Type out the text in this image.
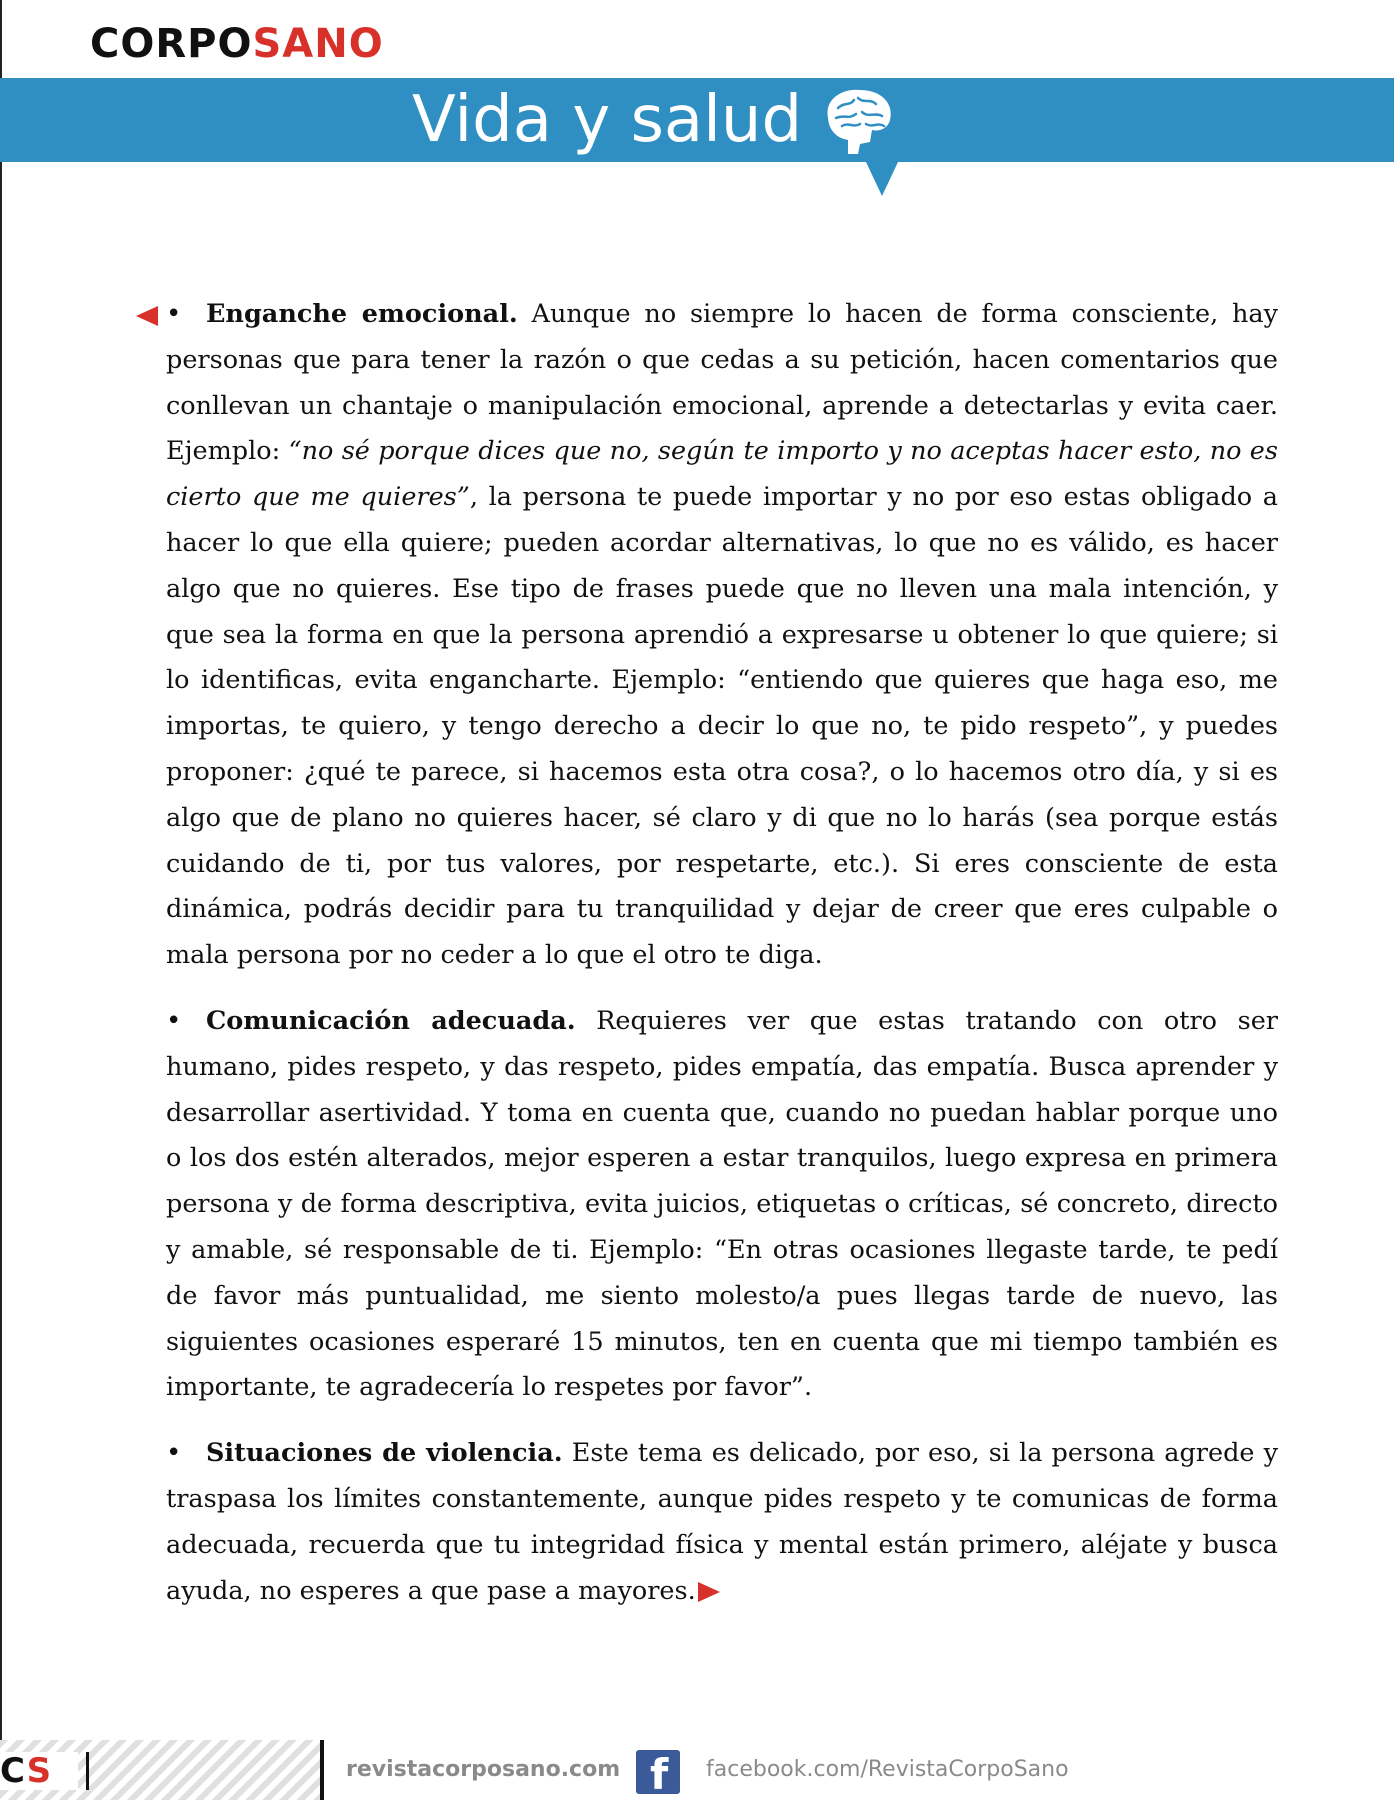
CORPOSANO
Vida y salud
• Enganche emocional. Aunque no siempre lo hacen de forma consciente, hay personas que para tener la razón o que cedas a su petición, hacen comentarios que conllevan un chantaje o manipulación emocional, aprende a detectarlas y evita caer. Ejemplo: “no sé porque dices que no, según te importo y no aceptas hacer esto, no es cierto que me quieres”, la persona te puede importar y no por eso estas obligado a hacer lo que ella quiere; pueden acordar alternativas, lo que no es válido, es hacer algo que no quieres. Ese tipo de frases puede que no lleven una mala intención, y que sea la forma en que la persona aprendió a expresarse u obtener lo que quiere; si lo identificas, evita engancharte. Ejemplo: “entiendo que quieres que haga eso, me importas, te quiero, y tengo derecho a decir lo que no, te pido respeto”, y puedes proponer: ¿qué te parece, si hacemos esta otra cosa?, o lo hacemos otro día, y si es algo que de plano no quieres hacer, sé claro y di que no lo harás (sea porque estás cuidando de ti, por tus valores, por respetarte, etc.). Si eres consciente de esta dinámica, podrás decidir para tu tranquilidad y dejar de creer que eres culpable o mala persona por no ceder a lo que el otro te diga.

• Comunicación adecuada. Requieres ver que estas tratando con otro ser humano, pides respeto, y das respeto, pides empatía, das empatía. Busca aprender y desarrollar asertividad. Y toma en cuenta que, cuando no puedan hablar porque uno o los dos estén alterados, mejor esperen a estar tranquilos, luego expresa en primera persona y de forma descriptiva, evita juicios, etiquetas o críticas, sé concreto, directo y amable, sé responsable de ti. Ejemplo: “En otras ocasiones llegaste tarde, te pedí de favor más puntualidad, me siento molesto/a pues llegas tarde de nuevo, las siguientes ocasiones esperaré 15 minutos, ten en cuenta que mi tiempo también es importante, te agradecería lo respetes por favor”.

• Situaciones de violencia. Este tema es delicado, por eso, si la persona agrede y traspasa los límites constantemente, aunque pides respeto y te comunicas de forma adecuada, recuerda que tu integridad física y mental están primero, aléjate y busca ayuda, no esperes a que pase a mayores.

CS	revistacorposano.com f facebook.com/RevistaCorpoSano
